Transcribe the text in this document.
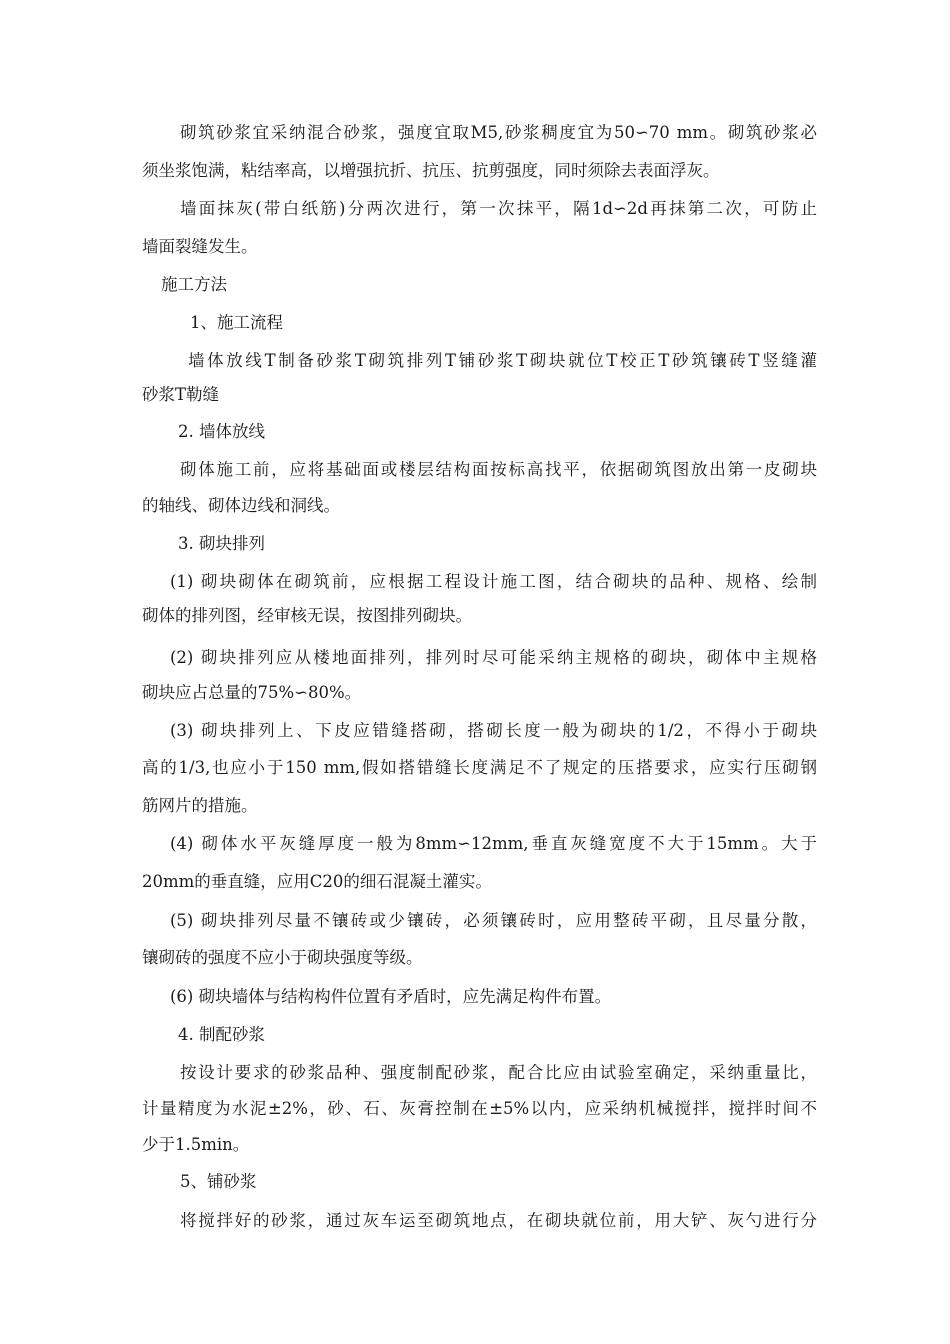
砌筑砂浆宜采纳混合砂浆，强度宜取M5,砂浆稠度宜为50∽70 mm。砌筑砂浆必
须坐浆饱满，粘结率高，以增强抗折、抗压、抗剪强度，同时须除去表面浮灰。
墙面抹灰(带白纸筋)分两次进行，第一次抹平，隔1d∽2d再抹第二次，可防止
墙面裂缝发生。
施工方法
1、施工流程
墙体放线T制备砂浆T砌筑排列T铺砂浆T砌块就位T校正T砂筑镶砖T竖缝灌
砂浆T勒缝
2. 墙体放线
砌体施工前，应将基础面或楼层结构面按标高找平，依据砌筑图放出第一皮砌块
的轴线、砌体边线和洞线。
3. 砌块排列
(1) 砌块砌体在砌筑前，应根据工程设计施工图，结合砌块的品种、规格、绘制
砌体的排列图，经审核无误，按图排列砌块。
(2) 砌块排列应从楼地面排列，排列时尽可能采纳主规格的砌块，砌体中主规格
砌块应占总量的75%∽80%。
(3) 砌块排列上、下皮应错缝搭砌，搭砌长度一般为砌块的1/2，不得小于砌块
高的1/3,也应小于150 mm,假如搭错缝长度满足不了规定的压搭要求，应实行压砌钢
筋网片的措施。
(4) 砌体水平灰缝厚度一般为8mm∽12mm,垂直灰缝宽度不大于15mm。大于
20mm的垂直缝，应用C20的细石混凝土灌实。
(5) 砌块排列尽量不镶砖或少镶砖，必须镶砖时，应用整砖平砌，且尽量分散，
镶砌砖的强度不应小于砌块强度等级。
(6) 砌块墙体与结构构件位置有矛盾时，应先满足构件布置。
4. 制配砂浆
按设计要求的砂浆品种、强度制配砂浆，配合比应由试验室确定，采纳重量比，
计量精度为水泥±2%，砂、石、灰膏控制在±5%以内，应采纳机械搅拌，搅拌时间不
少于1.5min。
5、铺砂浆
将搅拌好的砂浆，通过灰车运至砌筑地点，在砌块就位前，用大铲、灰勺进行分
